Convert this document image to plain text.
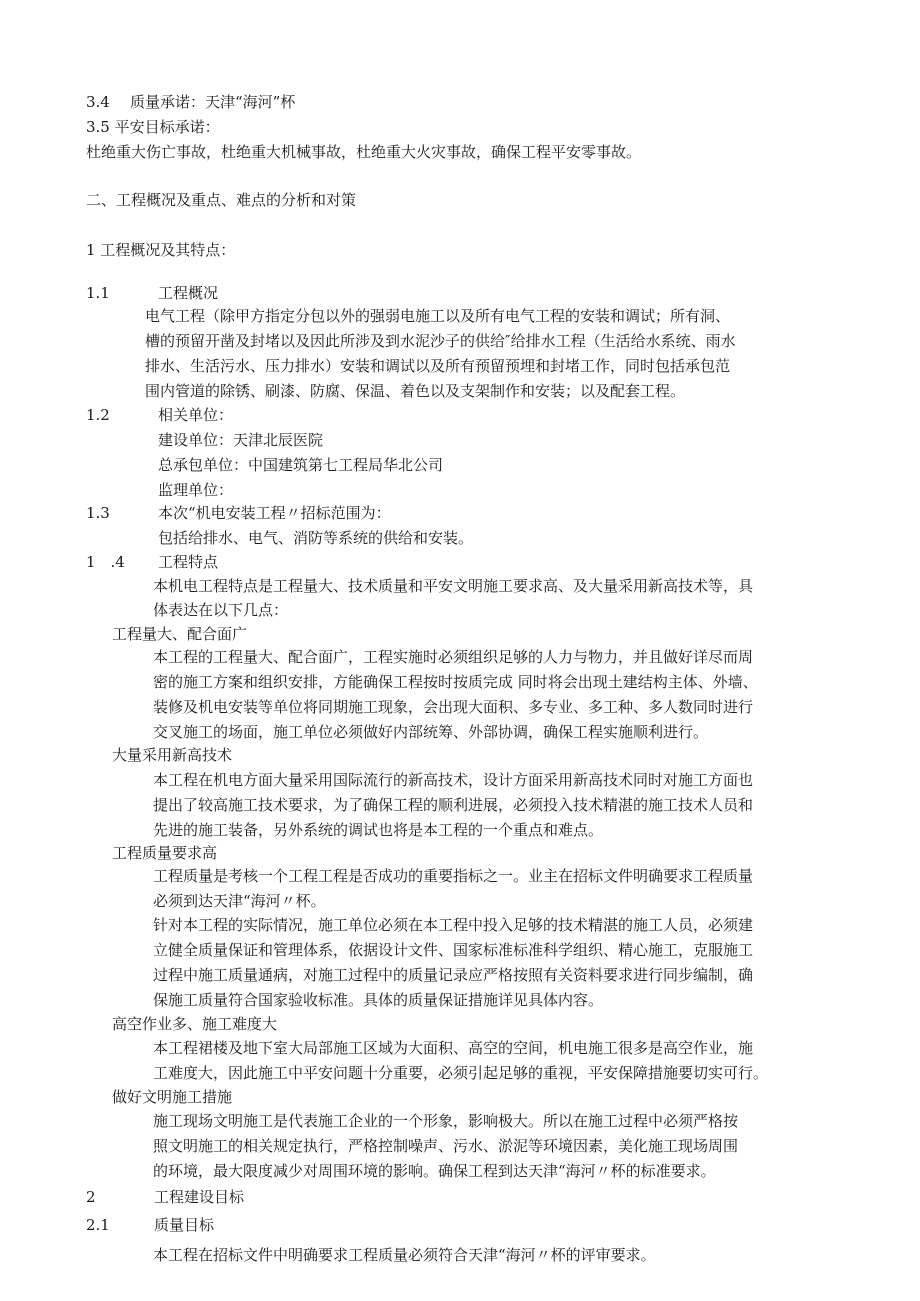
3.4 质量承诺：天津“海河”杯
3.5 平安目标承诺：
杜绝重大伤亡事故，杜绝重大机械事故，杜绝重大火灾事故，确保工程平安零事故。
二、工程概况及重点、难点的分析和对策
1 工程概况及其特点：
1.1	工程概况
电气工程（除甲方指定分包以外的强弱电施工以及所有电气工程的安装和调试；所有洞、
槽的预留开凿及封堵以及因此所涉及到水泥沙子的供给″给排水工程（生活给水系统、雨水
排水、生活污水、压力排水）安装和调试以及所有预留预埋和封堵工作，同时包括承包范
围内管道的除锈、刷漆、防腐、保温、着色以及支架制作和安装；以及配套工程。
1.2	相关单位：
建设单位：天津北辰医院
总承包单位：中国建筑第七工程局华北公司
监理单位：
1.3	本次“机电安装工程〃招标范围为：
包括给排水、电气、消防等系统的供给和安装。
1 .4 工程特点
本机电工程特点是工程量大、技术质量和平安文明施工要求高、及大量采用新高技术等，具
体表达在以下几点：
工程量大、配合面广
本工程的工程量大、配合面广，工程实施时必须组织足够的人力与物力，并且做好详尽而周
密的施工方案和组织安排，方能确保工程按时按质完成 同时将会出现土建结构主体、外墙、
装修及机电安装等单位将同期施工现象，会出现大面积、多专业、多工种、多人数同时进行
交叉施工的场面，施工单位必须做好内部统筹、外部协调，确保工程实施顺利进行。
大量采用新高技术
本工程在机电方面大量采用国际流行的新高技术，设计方面采用新高技术同时对施工方面也
提出了较高施工技术要求，为了确保工程的顺利进展，必须投入技术精湛的施工技术人员和
先进的施工装备，另外系统的调试也将是本工程的一个重点和难点。
工程质量要求高
工程质量是考核一个工程工程是否成功的重要指标之一。业主在招标文件明确要求工程质量
必须到达天津“海河〃杯。
针对本工程的实际情况，施工单位必须在本工程中投入足够的技术精湛的施工人员，必须建
立健全质量保证和管理体系，依据设计文件、国家标准标准科学组织、精心施工，克服施工
过程中施工质量通病，对施工过程中的质量记录应严格按照有关资料要求进行同步编制，确
保施工质量符合国家验收标准。具体的质量保证措施详见具体内容。
高空作业多、施工难度大
本工程裙楼及地下室大局部施工区域为大面积、高空的空间，机电施工很多是高空作业，施
工难度大，因此施工中平安问题十分重要，必须引起足够的重视，平安保障措施要切实可行。
做好文明施工措施
施工现场文明施工是代表施工企业的一个形象，影响极大。所以在施工过程中必须严格按
照文明施工的相关规定执行，严格控制噪声、污水、淤泥等环境因素，美化施工现场周围
的环境，最大限度减少对周围环境的影响。确保工程到达天津“海河〃杯的标准要求。
2	工程建设目标
2.1	质量目标
本工程在招标文件中明确要求工程质量必须符合天津“海河〃杯的评审要求。
